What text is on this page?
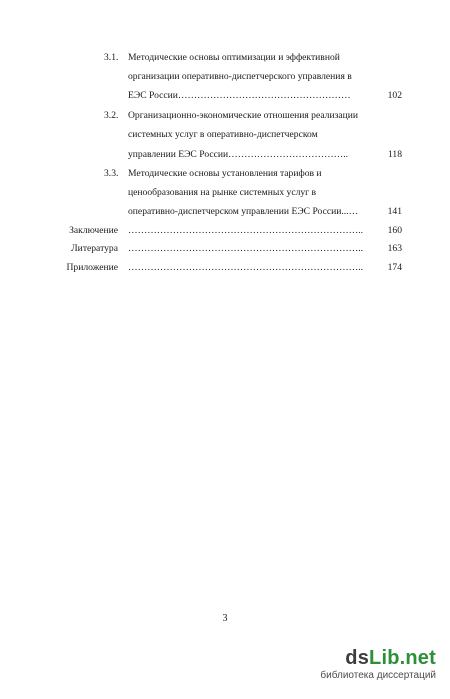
3.1. Методические основы оптимизации и эффективной
организации оперативно-диспетчерского управления в
ЕЭС России………………………………………………	102
3.2. Организационно-экономические отношения реализации
системных услуг в оперативно-диспетчерском
управлении ЕЭС России………………………………..	118
3.3. Методические основы установления тарифов и
ценообразования на рынке системных услуг в
оперативно-диспетчерском управлении ЕЭС России...…	141
Заключение ………………………………………………………………..	160
Литература ………………………………………………………………..	163
Приложение ………………………………………………………………..	174
3
dsLib.net
библиотека диссертаций
